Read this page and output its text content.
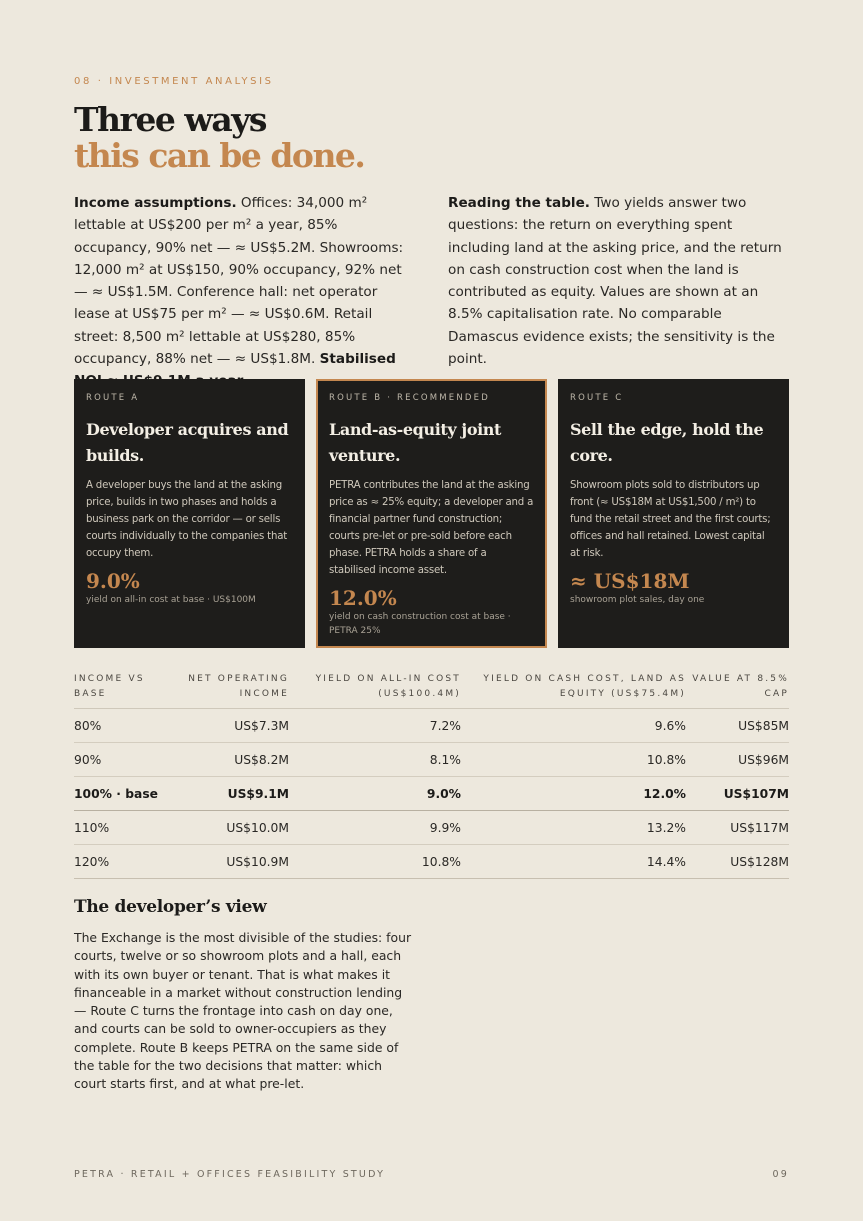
08 · INVESTMENT ANALYSIS
Three ways
this can be done.

Income assumptions. Offices: 34,000 m² lettable at US$200 per m² a year, 85% occupancy, 90% net — ≈ US$5.2M. Showrooms: 12,000 m² at US$150, 90% occupancy, 92% net — ≈ US$1.5M. Conference hall: net operator lease at US$75 per m² — ≈ US$0.6M. Retail street: 8,500 m² lettable at US$280, 85% occupancy, 88% net — ≈ US$1.8M. Stabilised

Reading the table. Two yields answer two questions: the return on everything spent including land at the asking price, and the return on cash construction cost when the land is contributed as equity. Values are shown at an 8.5% capitalisation rate. No comparable Damascus evidence exists; the sensitivity is the point.

ROUTE A
Developer acquires and builds.
A developer buys the land at the asking price, builds in two phases and holds a business park on the corridor — or sells courts individually to the companies that occupy them.
9.0%
yield on all-in cost at base · US$100M
ROUTE B · RECOMMENDED
Land-as-equity joint venture.
PETRA contributes the land at the asking price as ≈ 25% equity; a developer and a financial partner fund construction; courts pre-let or pre-sold before each phase. PETRA holds a share of a stabilised income asset.
12.0%
yield on cash construction cost at base · PETRA 25%
ROUTE C
Sell the edge, hold the core.
Showroom plots sold to distributors up front (≈ US$18M at US$1,500 / m²) to fund the retail street and the first courts; offices and hall retained. Lowest capital at risk.
≈ US$18M
showroom plot sales, day one
INCOME VS BASE	NET OPERATING INCOME	YIELD ON ALL-IN COST (US$100.4M)	YIELD ON CASH COST, LAND AS EQUITY (US$75.4M)	VALUE AT 8.5% CAP
80%	US$7.3M	7.2%	9.6%	US$85M
90%	US$8.2M	8.1%	10.8%	US$96M
100% · base	US$9.1M	9.0%	12.0%	US$107M
110%	US$10.0M	9.9%	13.2%	US$117M
120%	US$10.9M	10.8%	14.4%	US$128M
The developer’s view

The Exchange is the most divisible of the studies: four courts, twelve or so showroom plots and a hall, each with its own buyer or tenant. That is what makes it financeable in a market without construction lending — Route C turns the frontage into cash on day one, and courts can be sold to owner-occupiers as they complete. Route B keeps PETRA on the same side of the table for the two decisions that matter: which court starts first, and at what pre-let.

PETRA · RETAIL + OFFICES FEASIBILITY STUDY	09
